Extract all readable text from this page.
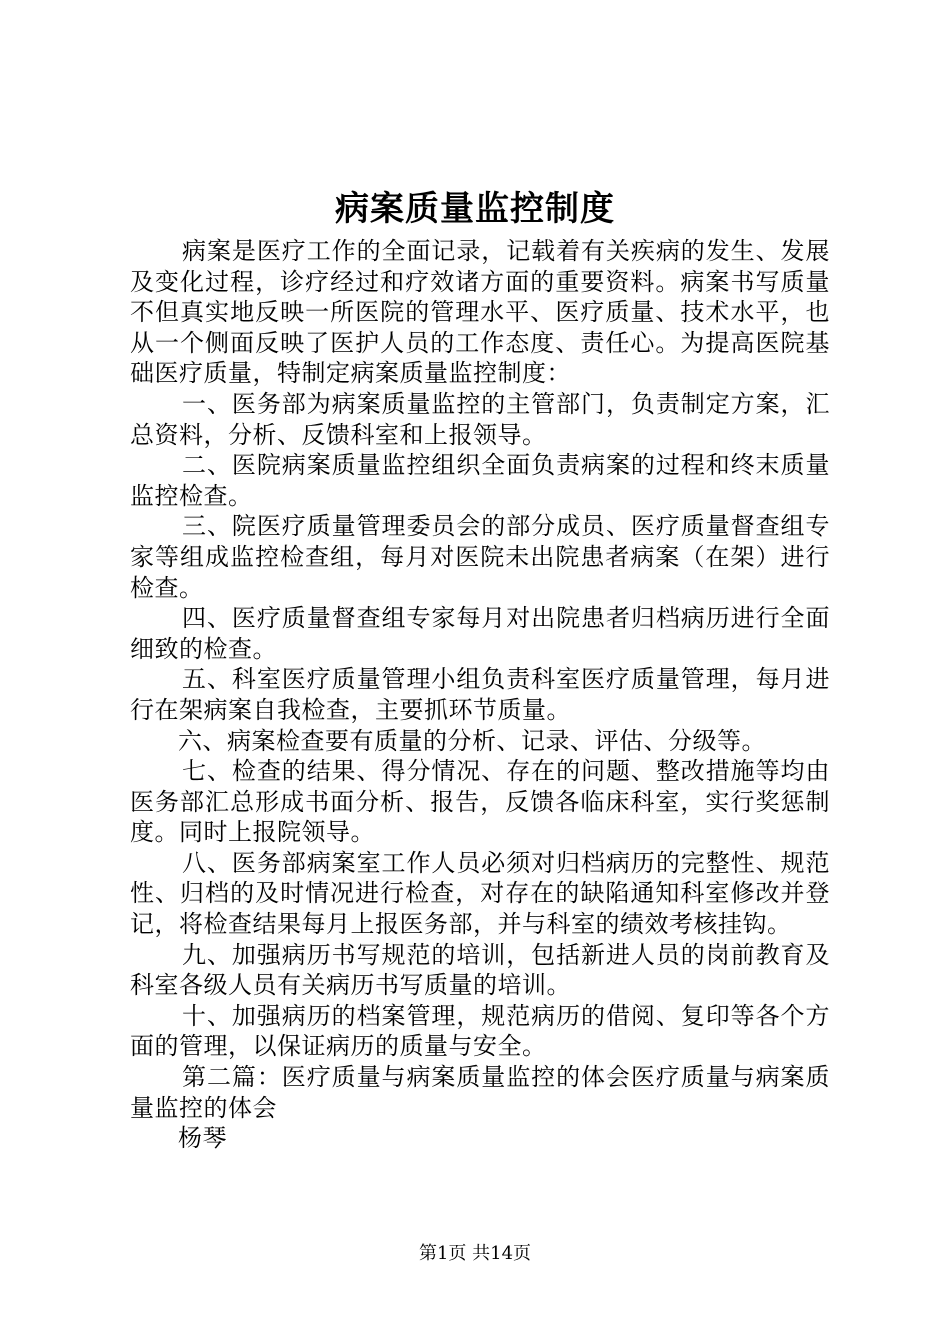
病案质量监控制度

病案是医疗工作的全面记录，记载着有关疾病的发生、发展及变化过程，诊疗经过和疗效诸方面的重要资料。病案书写质量不但真实地反映一所医院的管理水平、医疗质量、技术水平，也从一个侧面反映了医护人员的工作态度、责任心。为提高医院基础医疗质量，特制定病案质量监控制度：

一、医务部为病案质量监控的主管部门，负责制定方案，汇总资料，分析、反馈科室和上报领导。

二、医院病案质量监控组织全面负责病案的过程和终末质量监控检查。

三、院医疗质量管理委员会的部分成员、医疗质量督查组专家等组成监控检查组，每月对医院未出院患者病案（在架）进行检查。

四、医疗质量督查组专家每月对出院患者归档病历进行全面细致的检查。

五、科室医疗质量管理小组负责科室医疗质量管理，每月进行在架病案自我检查，主要抓环节质量。

六、病案检查要有质量的分析、记录、评估、分级等。

七、检查的结果、得分情况、存在的问题、整改措施等均由医务部汇总形成书面分析、报告，反馈各临床科室，实行奖惩制度。同时上报院领导。

八、医务部病案室工作人员必须对归档病历的完整性、规范性、归档的及时情况进行检查，对存在的缺陷通知科室修改并登记，将检查结果每月上报医务部，并与科室的绩效考核挂钩。

九、加强病历书写规范的培训，包括新进人员的岗前教育及科室各级人员有关病历书写质量的培训。

十、加强病历的档案管理，规范病历的借阅、复印等各个方面的管理，以保证病历的质量与安全。

第二篇：医疗质量与病案质量监控的体会医疗质量与病案质量监控的体会

杨琴

第1页 共14页
